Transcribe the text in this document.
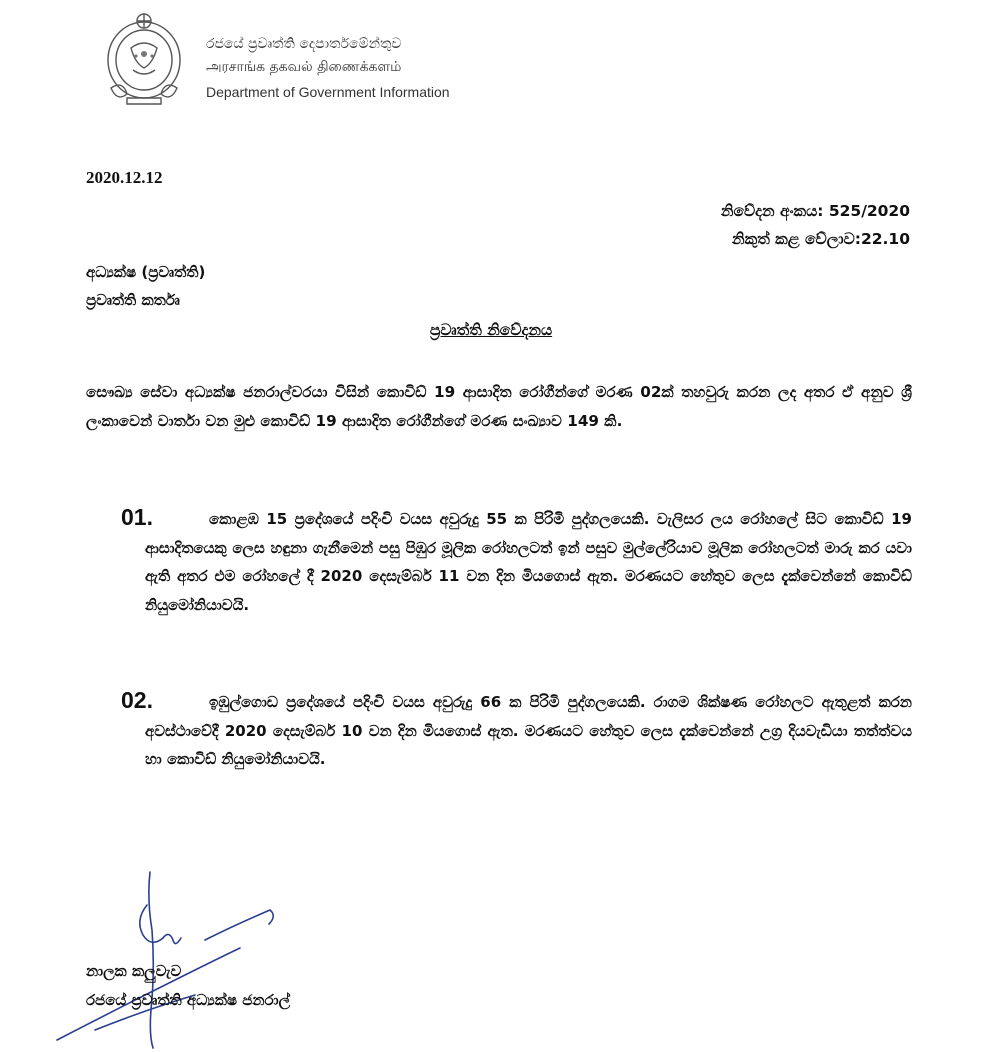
රජයේ ප්‍රවෘත්ති දෙපාර්තමේන්තුව
அரசாங்க தகவல் திணைக்களம்
Department of Government Information
2020.12.12
නිවේදන අංකය: 525/2020
නිකුත් කළ වේලාව:22.10
අධ්‍යක්ෂ (ප්‍රවෘත්ති)
ප්‍රවෘත්ති කර්තෘ
ප්‍රවෘත්ති නිවේදනය
සෞඛ්‍ය සේවා අධ්‍යක්ෂ ජනරාල්වරයා විසින් කොවිඩ් 19 ආසාදිත රෝගීන්ගේ මරණ 02ක් තහවුරු කරන ලද අතර ඒ අනුව ශ්‍රී ලංකාවෙන් වාර්තා වන මුළු කොවිඩ් 19 ආසාදිත රෝගීන්ගේ මරණ සංඛ්‍යාව 149 කි.
01.	කොළඹ 15 ප්‍රදේශයේ පදිංචි වයස අවුරුදු 55 ක පිරිමි පුද්ගලයෙකි. වැලිසර ලය රෝහලේ සිට කොවිඩ් 19 ආසාදිතයෙකු ලෙස හඳුනා ගැනීමෙන් පසු පිඹුර මූලික රෝහලටත් ඉන් පසුව මුල්ලේරියාව මූලික රෝහලටත් මාරු කර යවා ඇති අතර එම රෝහලේ දී 2020 දෙසැම්බර් 11 වන දින මියගොස් ඇත. මරණයට හේතුව ලෙස දැක්වෙන්නේ කොවිඩ් නියුමෝනියාවයි.
02.	ඉඹුල්ගොඩ ප්‍රදේශයේ පදිංචි වයස අවුරුදු 66 ක පිරිමි පුද්ගලයෙකි. රාගම ශික්ෂණ රෝහලට ඇතුළත් කරන අවස්ථාවේදී 2020 දෙසැම්බර් 10 වන දින මියගොස් ඇත. මරණයට හේතුව ලෙස දැක්වෙන්නේ උග්‍ර දියවැඩියා තත්ත්වය හා කොවිඩ් නියුමෝනියාවයි.
නාලක කලුවැව
රජයේ ප්‍රවෘත්ති අධ්‍යක්ෂ ජනරාල්
